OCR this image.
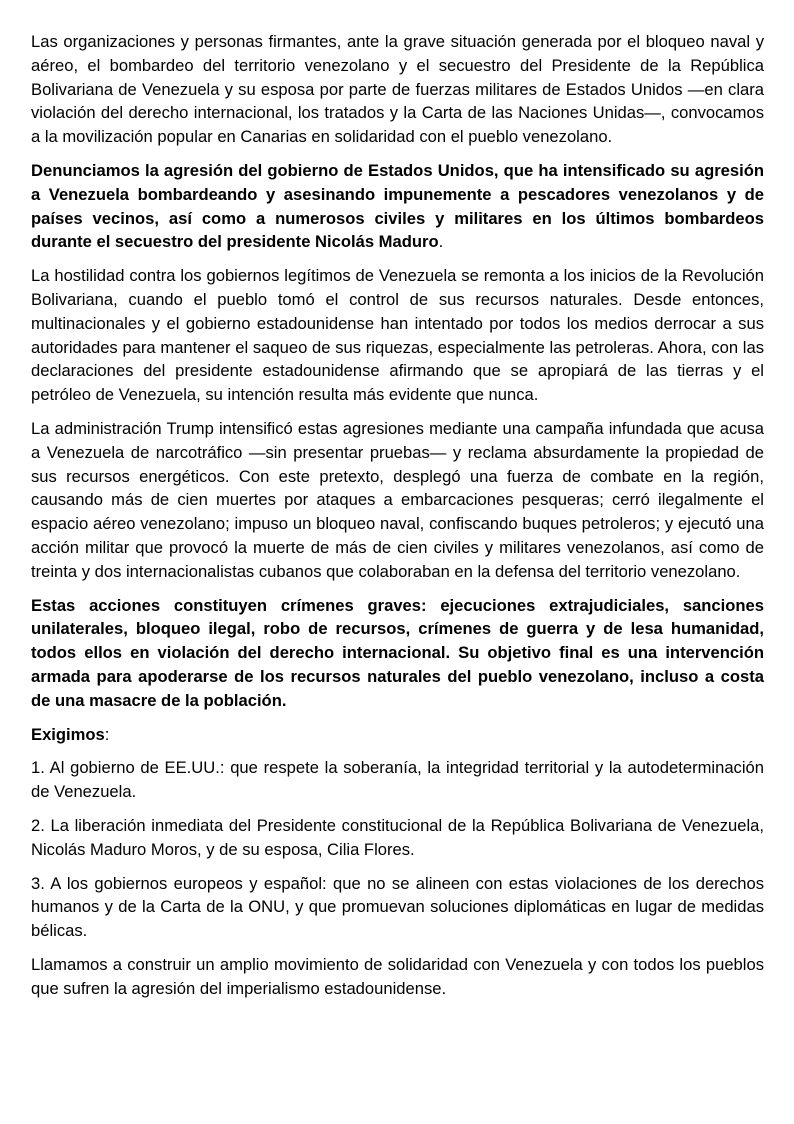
Las organizaciones y personas firmantes, ante la grave situación generada por el bloqueo naval y aéreo, el bombardeo del territorio venezolano y el secuestro del Presidente de la República Bolivariana de Venezuela y su esposa por parte de fuerzas militares de Estados Unidos —en clara violación del derecho internacional, los tratados y la Carta de las Naciones Unidas—, convocamos a la movilización popular en Canarias en solidaridad con el pueblo venezolano.

Denunciamos la agresión del gobierno de Estados Unidos, que ha intensificado su agresión a Venezuela bombardeando y asesinando impunemente a pescadores venezolanos y de países vecinos, así como a numerosos civiles y militares en los últimos bombardeos durante el secuestro del presidente Nicolás Maduro.

La hostilidad contra los gobiernos legítimos de Venezuela se remonta a los inicios de la Revolución Bolivariana, cuando el pueblo tomó el control de sus recursos naturales. Desde entonces, multinacionales y el gobierno estadounidense han intentado por todos los medios derrocar a sus autoridades para mantener el saqueo de sus riquezas, especialmente las petroleras. Ahora, con las declaraciones del presidente estadounidense afirmando que se apropiará de las tierras y el petróleo de Venezuela, su intención resulta más evidente que nunca.

La administración Trump intensificó estas agresiones mediante una campaña infundada que acusa a Venezuela de narcotráfico —sin presentar pruebas— y reclama absurdamente la propiedad de sus recursos energéticos. Con este pretexto, desplegó una fuerza de combate en la región, causando más de cien muertes por ataques a embarcaciones pesqueras; cerró ilegalmente el espacio aéreo venezolano; impuso un bloqueo naval, confiscando buques petroleros; y ejecutó una acción militar que provocó la muerte de más de cien civiles y militares venezolanos, así como de treinta y dos internacionalistas cubanos que colaboraban en la defensa del territorio venezolano.

Estas acciones constituyen crímenes graves: ejecuciones extrajudiciales, sanciones unilaterales, bloqueo ilegal, robo de recursos, crímenes de guerra y de lesa humanidad, todos ellos en violación del derecho internacional. Su objetivo final es una intervención armada para apoderarse de los recursos naturales del pueblo venezolano, incluso a costa de una masacre de la población.

Exigimos:

1. Al gobierno de EE.UU.: que respete la soberanía, la integridad territorial y la autodeterminación de Venezuela.

2. La liberación inmediata del Presidente constitucional de la República Bolivariana de Venezuela, Nicolás Maduro Moros, y de su esposa, Cilia Flores.

3. A los gobiernos europeos y español: que no se alineen con estas violaciones de los derechos humanos y de la Carta de la ONU, y que promuevan soluciones diplomáticas en lugar de medidas bélicas.

Llamamos a construir un amplio movimiento de solidaridad con Venezuela y con todos los pueblos que sufren la agresión del imperialismo estadounidense.
